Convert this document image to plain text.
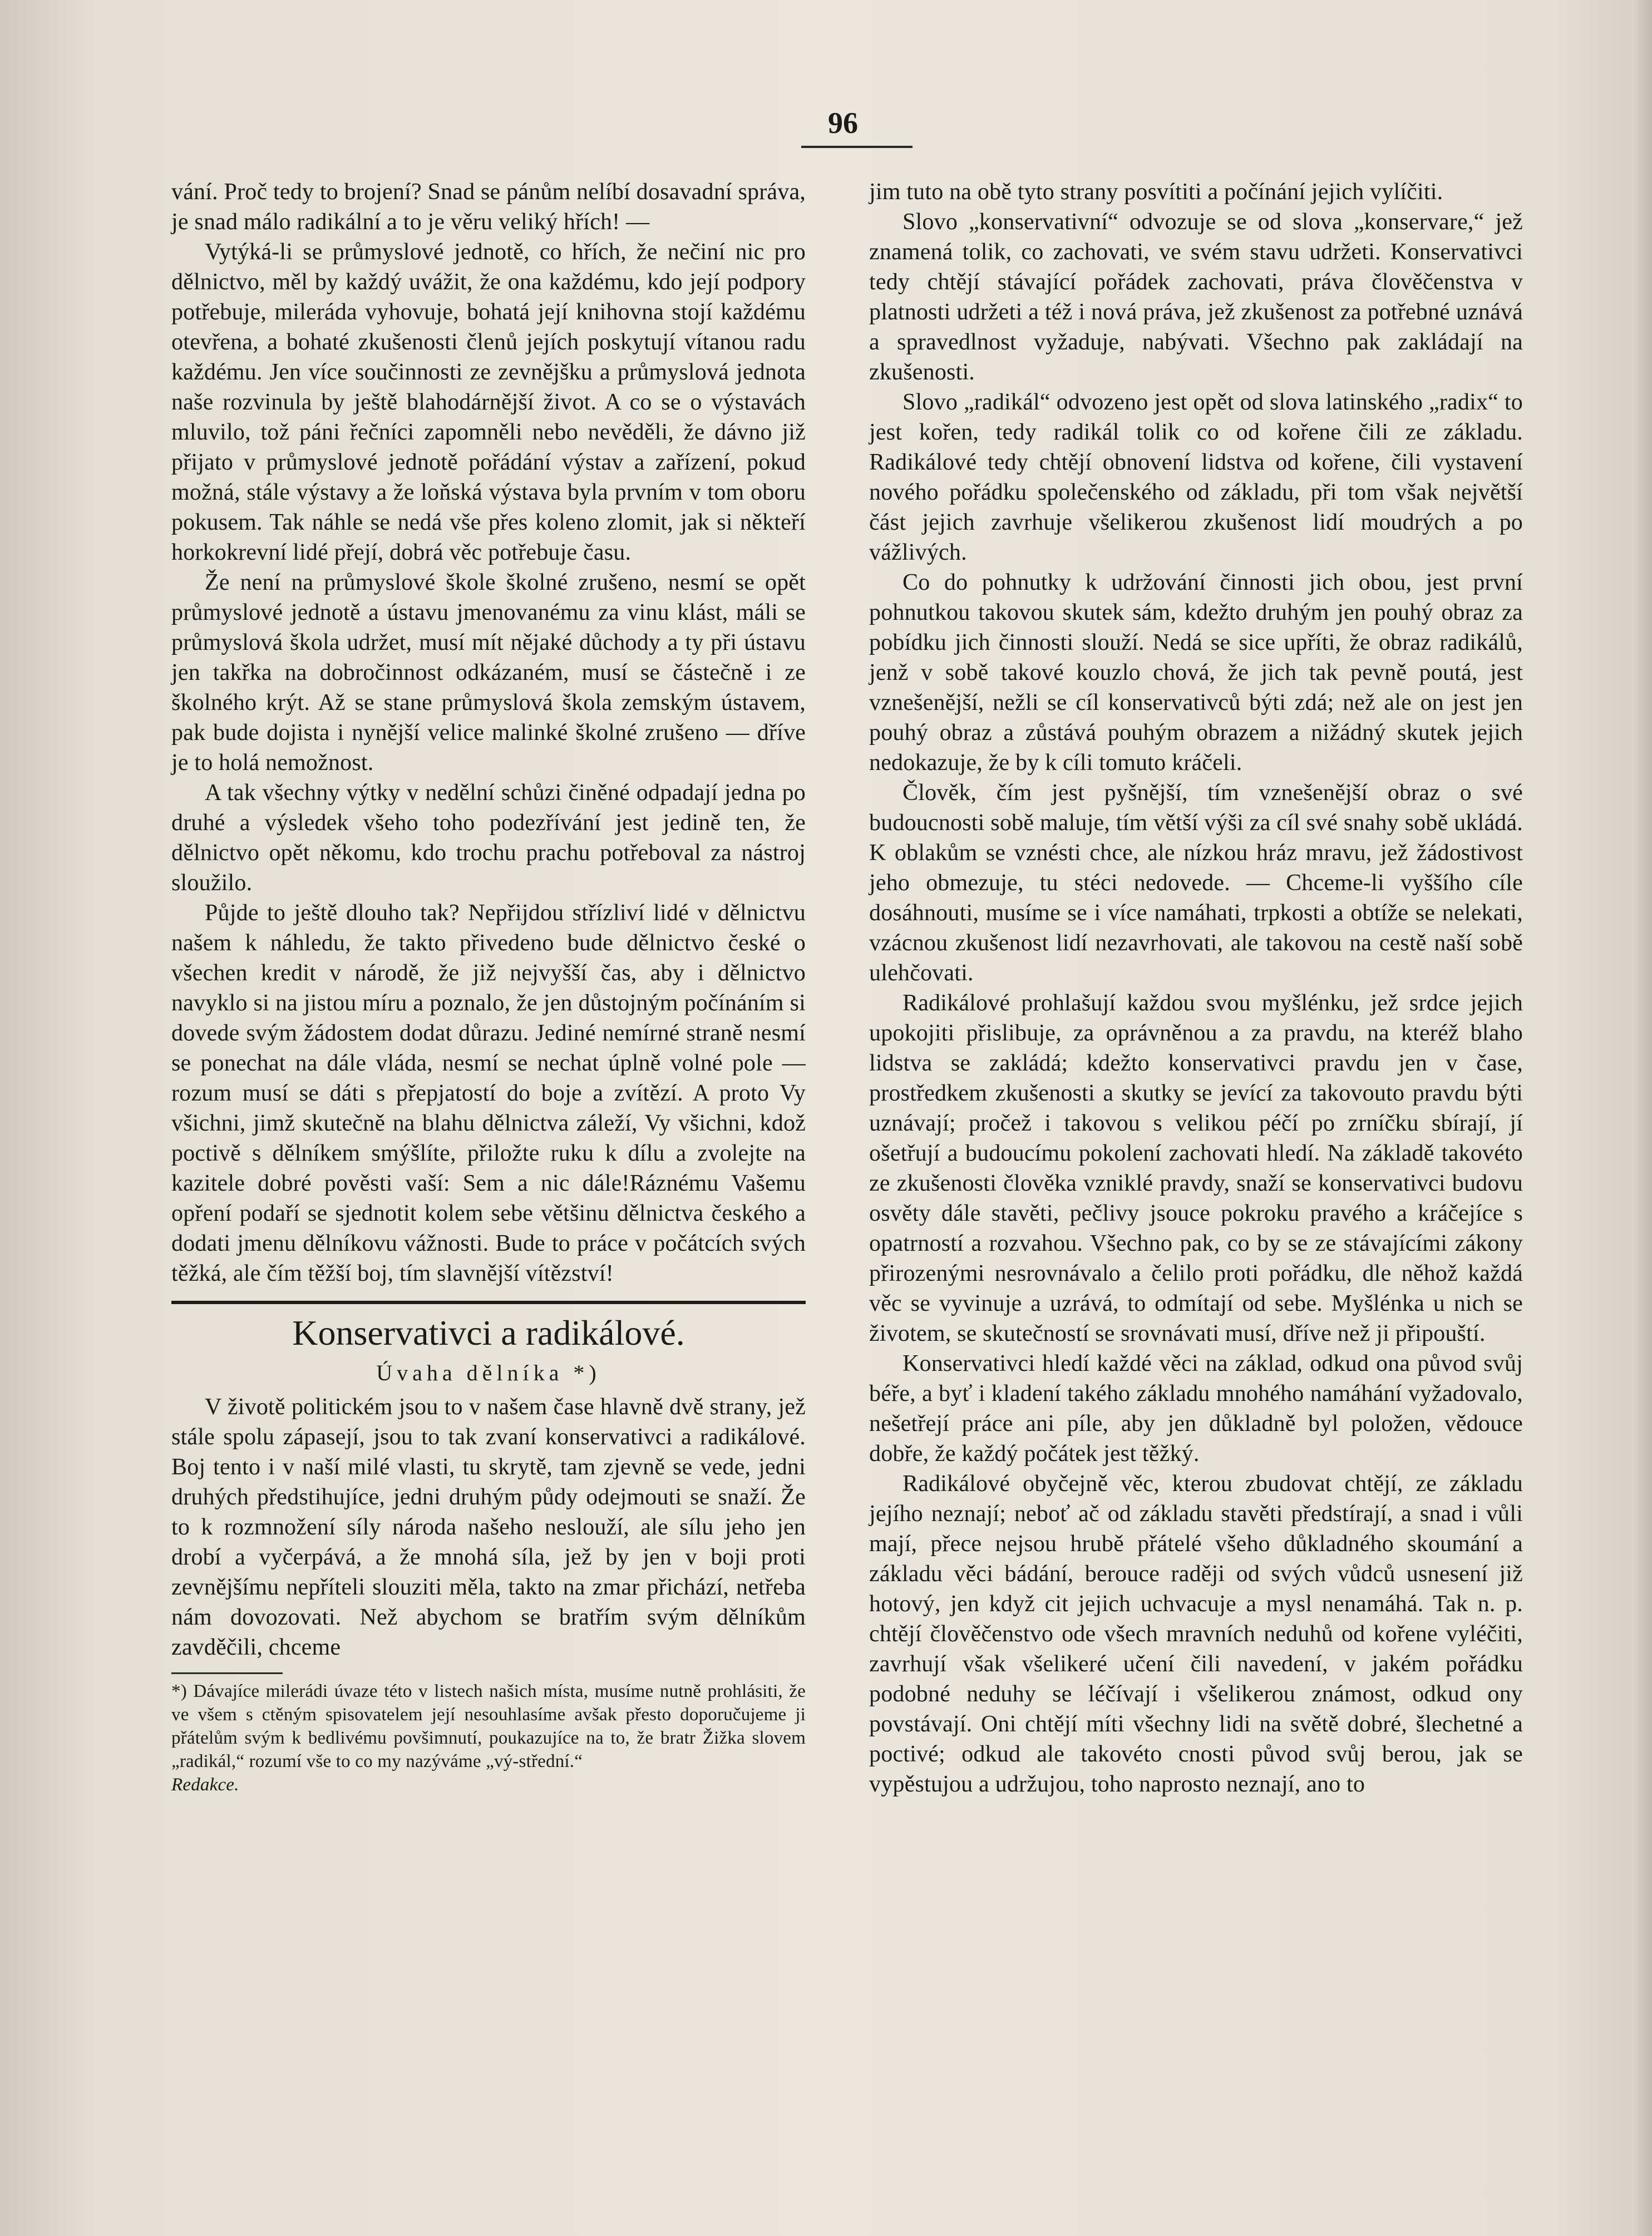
96

vání. Proč tedy to brojení? Snad se pánům nelíbí dosavadní správa, je snad málo radikální a to je věru veliký hřích! —

Vytýká-li se průmyslové jednotě, co hřích, že nečiní nic pro dělnictvo, měl by každý uvážit, že ona každému, kdo její podpory potřebuje, milerádа vyhovuje, bohatá její knihovna stojí každému otevřena, a bohaté zkušenosti členů jejích poskytují vítanou radu každému. Jen více součinnosti ze zevnějšku a průmyslová jednota naše rozvinula by ještě blahodárnější život. A co se o výstavách mluvilo, tož páni řečníci zapomněli nebo nevěděli, že dávno již přijato v průmyslové jednotě pořádání výstav a zařízení, pokud možná, stále výstavy a že loňská výstava byla prvním v tom oboru pokusem. Tak náhle se nedá vše přes koleno zlomit, jak si někteří horkokrevní lidé přejí, dobrá věc potřebuje času.

Že není na průmyslové škole školné zrušeno, nesmí se opět průmyslové jednotě a ústavu jmenovanému za vinu klást, máli se průmyslová škola udržet, musí mít nějaké důchody a ty při ústavu jen takřka na dobročinnost odkázaném, musí se částečně i ze školného krýt. Až se stane průmyslová škola zemským ústavem, pak bude dojista i nynější velice malinké školné zrušeno — dříve je to holá nemožnost.

A tak všechny výtky v nedělní schůzi činěné odpadají jedna po druhé a výsledek všeho toho podezřívání jest jedině ten, že dělnictvo opět někomu, kdo trochu prachu potřeboval za nástroj sloužilo.

Půjde to ještě dlouho tak? Nepřijdou střízliví lidé v dělnictvu našem k náhledu, že takto přivedeno bude dělnictvo české o všechen kredit v národě, že již nejvyšší čas, aby i dělnictvo navyklo si na jistou míru a poznalo, že jen důstojným počínáním si dovede svým žádostem dodat důrazu. Jediné nemírné straně nesmí se ponechat na dále vláda, nesmí se nechat úplně volné pole — rozum musí se dáti s přepjatostí do boje a zvítězí. A proto Vy všichni, jimž skutečně na blahu dělnictva záleží, Vy všichni, kdož poctivě s dělníkem smýšlíte, přiložte ruku k dílu a zvolejte na kazitele dobré pověsti vaší: Sem a nic dále!Ráznému Vašemu opření podaří se sjednotit kolem sebe většinu dělnictva českého a dodati jmenu dělníkovu vážnosti. Bude to práce v počátcích svých těžká, ale čím těžší boj, tím slavnější vítězství!

Konservativci a radikálové.
Úvaha dělníka *)

V životě politickém jsou to v našem čase hlavně dvě strany, jež stále spolu zápasejí, jsou to tak zvaní konservativci a radikálové. Boj tento i v naší milé vlasti, tu skrytě, tam zjevně se vede, jedni druhých předstihujíce, jedni druhým půdy odejmouti se snaží. Že to k rozmnožení síly národa našeho neslouží, ale sílu jeho jen drobí a vyčerpává, a že mnohá síla, jež by jen v boji proti zevnějšímu nepříteli slouziti měla, takto na zmar přichází, netřeba nám dovozovati. Než abychom se bratřím svým dělníkům zavděčili, chceme

*) Dávajíce milerádi úvaze této v listech našich místa, musíme nutně prohlásiti, že ve všem s ctěným spisovatelem její nesouhlasíme avšak přesto doporučujeme ji přátelům svým k bedlivému povšimnutí, poukazujíce na to, že bratr Žižka slovem „radikál,“ rozumí vše to co my nazýváme „vý-střední.“

Redakce.

jim tuto na obě tyto strany posvítiti a počínání jejich vylíčiti.

Slovo „konservativní“ odvozuje se od slova „konservare,“ jež znamená tolik, co zachovati, ve svém stavu udržeti. Konservativci tedy chtějí stávající pořádek zachovati, práva člověčenstva v platnosti udržeti a též i nová práva, jež zkušenost za potřebné uznává a spravedlnost vyžaduje, nabývati. Všechno pak zakládají na zkušenosti.

Slovo „radikál“ odvozeno jest opět od slova latinského „radix“ to jest kořen, tedy radikál tolik co od kořene čili ze základu. Radikálové tedy chtějí obnovení lidstva od kořene, čili vystavení nového pořádku společenského od základu, při tom však největší část jejich zavrhuje všelikerou zkušenost lidí moudrých a po vážlivých.

Co do pohnutky k udržování činnosti jich obou, jest první pohnutkou takovou skutek sám, kdežto druhým jen pouhý obraz za pobídku jich činnosti slouží. Nedá se sice upříti, že obraz radikálů, jenž v sobě takové kouzlo chová, že jich tak pevně poutá, jest vznešenější, nežli se cíl konservativců býti zdá; než ale on jest jen pouhý obraz a zůstává pouhým obrazem a nižádný skutek jejich nedokazuje, že by k cíli tomuto kráčeli.

Člověk, čím jest pyšnější, tím vznešenější obraz o své budoucnosti sobě maluje, tím větší výši za cíl své snahy sobě ukládá. K oblakům se vznésti chce, ale nízkou hráz mravu, jež žádostivost jeho obmezuje, tu stéci nedovede. — Chceme-li vyššího cíle dosáhnouti, musíme se i více namáhati, trpkosti a obtíže se nelekati, vzácnou zkušenost lidí nezavrhovati, ale takovou na cestě naší sobě ulehčovati.

Radikálové prohlašují každou svou myšlénku, jež srdce jejich upokojiti přislibuje, za oprávněnou a za pravdu, na kteréž blaho lidstva se zakládá; kdežto konservativci pravdu jen v čase, prostředkem zkušenosti a skutky se jevící za takovouto pravdu býti uznávají; pročež i takovou s velikou péčí po zrníčku sbírají, jí ošetřují a budoucímu pokolení zachovati hledí. Na základě takovéto ze zkušenosti člověka vzniklé pravdy, snaží se konservativci budovu osvěty dále stavěti, pečlivy jsouce pokroku pravého a kráčejíce s opatrností a rozvahou. Všechno pak, co by se ze stávajícími zákony přirozenými nesrovnávalo a čelilo proti pořádku, dle něhož každá věc se vyvinuje a uzrává, to odmítají od sebe. Myšlénka u nich se životem, se skutečností se srovnávati musí, dříve než ji připouští.

Konservativci hledí každé věci na základ, odkud ona původ svůj béře, a byť i kladení takého základu mnohého namáhání vyžadovalo, nešetřejí práce ani píle, aby jen důkladně byl položen, vědouce dobře, že každý počátek jest těžký.

Radikálové obyčejně věc, kterou zbudovat chtějí, ze základu jejího neznají; neboť ač od základu stavěti předstírají, a snad i vůli mají, přece nejsou hrubě přátelé všeho důkladného skoumání a základu věci bádání, berouce raději od svých vůdců usnesení již hotový, jen když cit jejich uchvacuje a mysl nenamáhá. Tak n. p. chtějí člověčenstvo ode všech mravních neduhů od kořene vyléčiti, zavrhují však všelikeré učení čili navedení, v jakém pořádku podobné neduhy se léčívají i všelikerou známost, odkud ony povstávají. Oni chtějí míti všechny lidi na světě dobré, šlechetné a poctivé; odkud ale takovéto cnosti původ svůj berou, jak se vypěstujou a udržujou, toho naprosto neznají, ano to
